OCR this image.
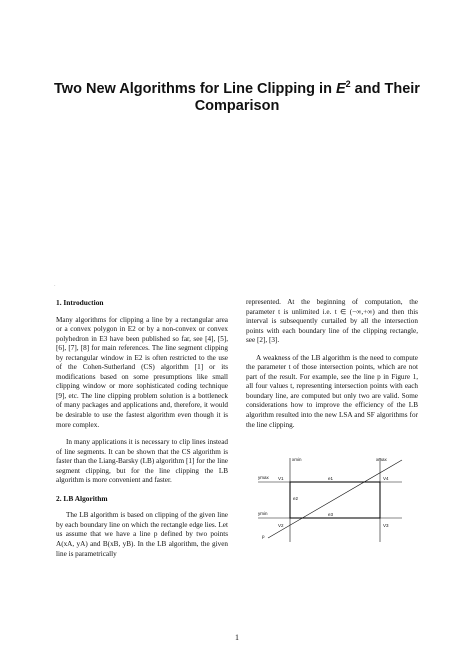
Two New Algorithms for Line Clipping in $E^2$ and Their Comparison
·
1. Introduction

Many algorithms for clipping a line by a rectangular area or a convex polygon in E2 or by a non-convex or convex polyhedron in E3 have been published so far, see [4], [5], [6], [7], [8] for main references. The line segment clipping by rectangular window in E2 is often restricted to the use of the Cohen-Sutherland (CS) algorithm [1] or its modifications based on some presumptions like small clipping window or more sophisticated coding technique [9], etc. The line clipping problem solution is a bottleneck of many packages and applications and, therefore, it would be desirable to use the fastest algorithm even though it is more complex.

In many applications it is necessary to clip lines instead of line segments. It can be shown that the CS algorithm is faster than the Liang-Barsky (LB) algorithm [1] for the line segment clipping, but for the line clipping the LB algorithm is more convenient and faster.

2. LB Algorithm

The LB algorithm is based on clipping of the given line by each boundary line on which the rectangle edge lies. Let us assume that we have a line p defined by two points A(xA, yA) and B(xB, yB). In the LB algorithm, the given line is parametrically

represented. At the beginning of computation, the parameter t is unlimited i.e. t ∈ (−∞,+∞) and then this interval is subsequently curtailed by all the intersection points with each boundary line of the clipping rectangle, see [2], [3].

A weakness of the LB algorithm is the need to compute the parameter t of those intersection points, which are not part of the result. For example, see the line p in Figure 1, all four values t, representing intersection points with each boundary line, are computed but only two are valid. Some considerations how to improve the efficiency of the LB algorithm resulted into the new LSA and SF algorithms for the line clipping.

xmin	xmax
ymax
ymin
V1
V2	V3
V4
e1
e2
e3
p
1
